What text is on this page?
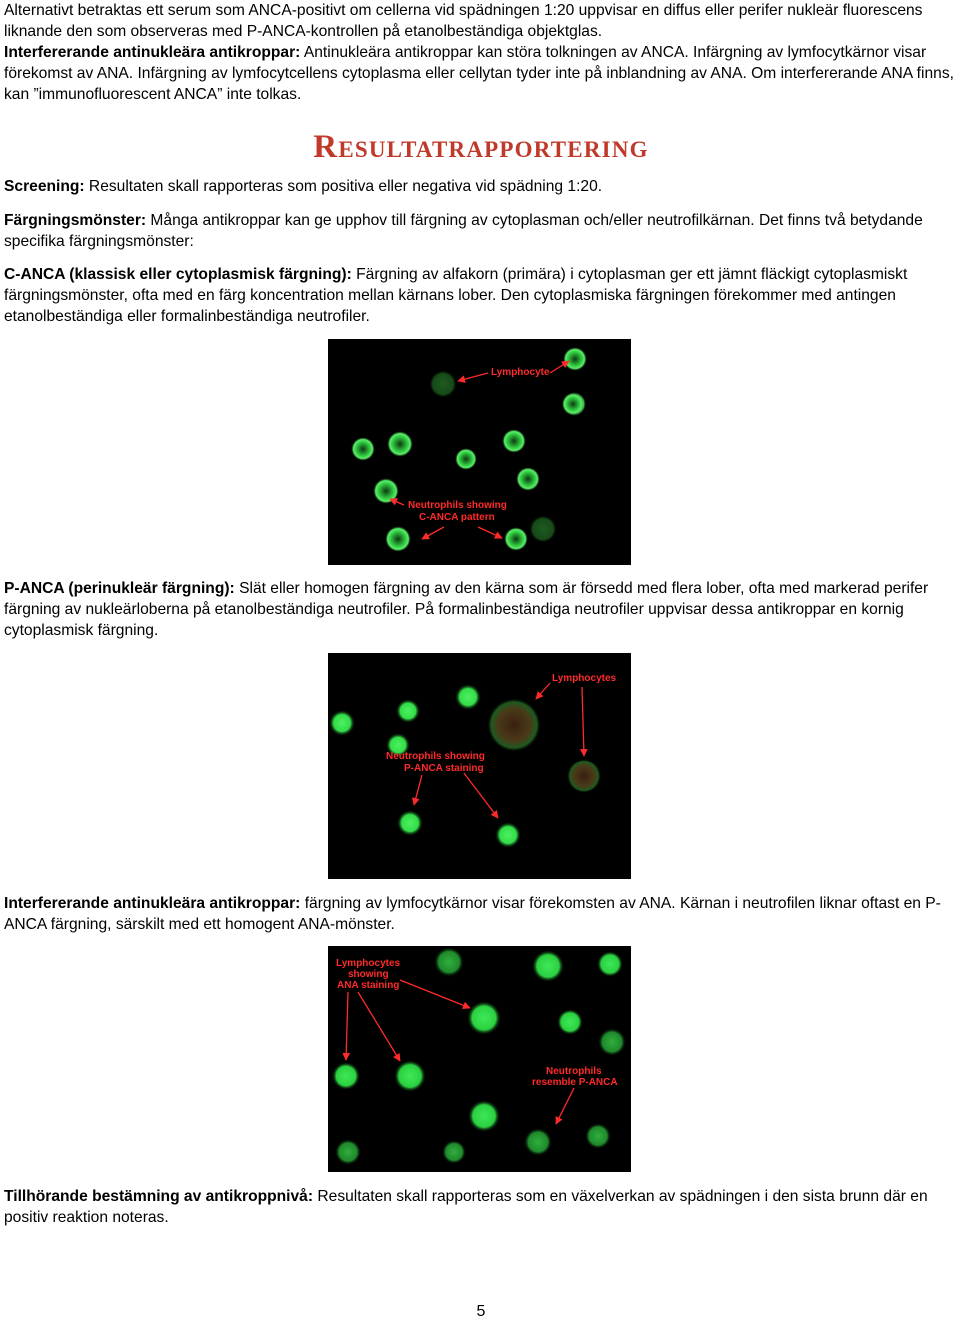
Alternativt betraktas ett serum som ANCA-positivt om cellerna vid spädningen 1:20 uppvisar en diffus eller perifer nukleär fluorescens liknande den som observeras med P-ANCA-kontrollen på etanolbeständiga objektglas.

Interfererande antinukleära antikroppar: Antinukleära antikroppar kan störa tolkningen av ANCA. Infärgning av lymfocytkärnor visar förekomst av ANA. Infärgning av lymfocytcellens cytoplasma eller cellytan tyder inte på inblandning av ANA. Om interfererande ANA finns, kan ”immunofluorescent ANCA” inte tolkas.

Resultatrapportering

Screening: Resultaten skall rapporteras som positiva eller negativa vid spädning 1:20.

Färgningsmönster: Många antikroppar kan ge upphov till färgning av cytoplasman och/eller neutrofilkärnan. Det finns två betydande specifika färgningsmönster:

C-ANCA (klassisk eller cytoplasmisk färgning): Färgning av alfakorn (primära) i cytoplasman ger ett jämnt fläckigt cytoplasmiskt färgningsmönster, ofta med en färg koncentration mellan kärnans lober. Den cytoplasmiska färgningen förekommer med antingen etanolbeständiga eller formalinbeständiga neutrofiler.

Lymphocyte
Neutrophils showing
C-ANCA pattern

P-ANCA (perinukleär färgning): Slät eller homogen färgning av den kärna som är försedd med flera lober, ofta med markerad perifer färgning av nukleärloberna på etanolbeständiga neutrofiler. På formalinbeständiga neutrofiler uppvisar dessa antikroppar en kornig cytoplasmisk färgning.

Lymphocytes
Neutrophils showing
P-ANCA staining

Interfererande antinukleära antikroppar: färgning av lymfocytkärnor visar förekomsten av ANA. Kärnan i neutrofilen liknar oftast en P-ANCA färgning, särskilt med ett homogent ANA-mönster.

Lymphocytes
showing
ANA staining
Neutrophils
resemble P-ANCA

Tillhörande bestämning av antikroppnivå: Resultaten skall rapporteras som en växelverkan av spädningen i den sista brunn där en positiv reaktion noteras.

5
